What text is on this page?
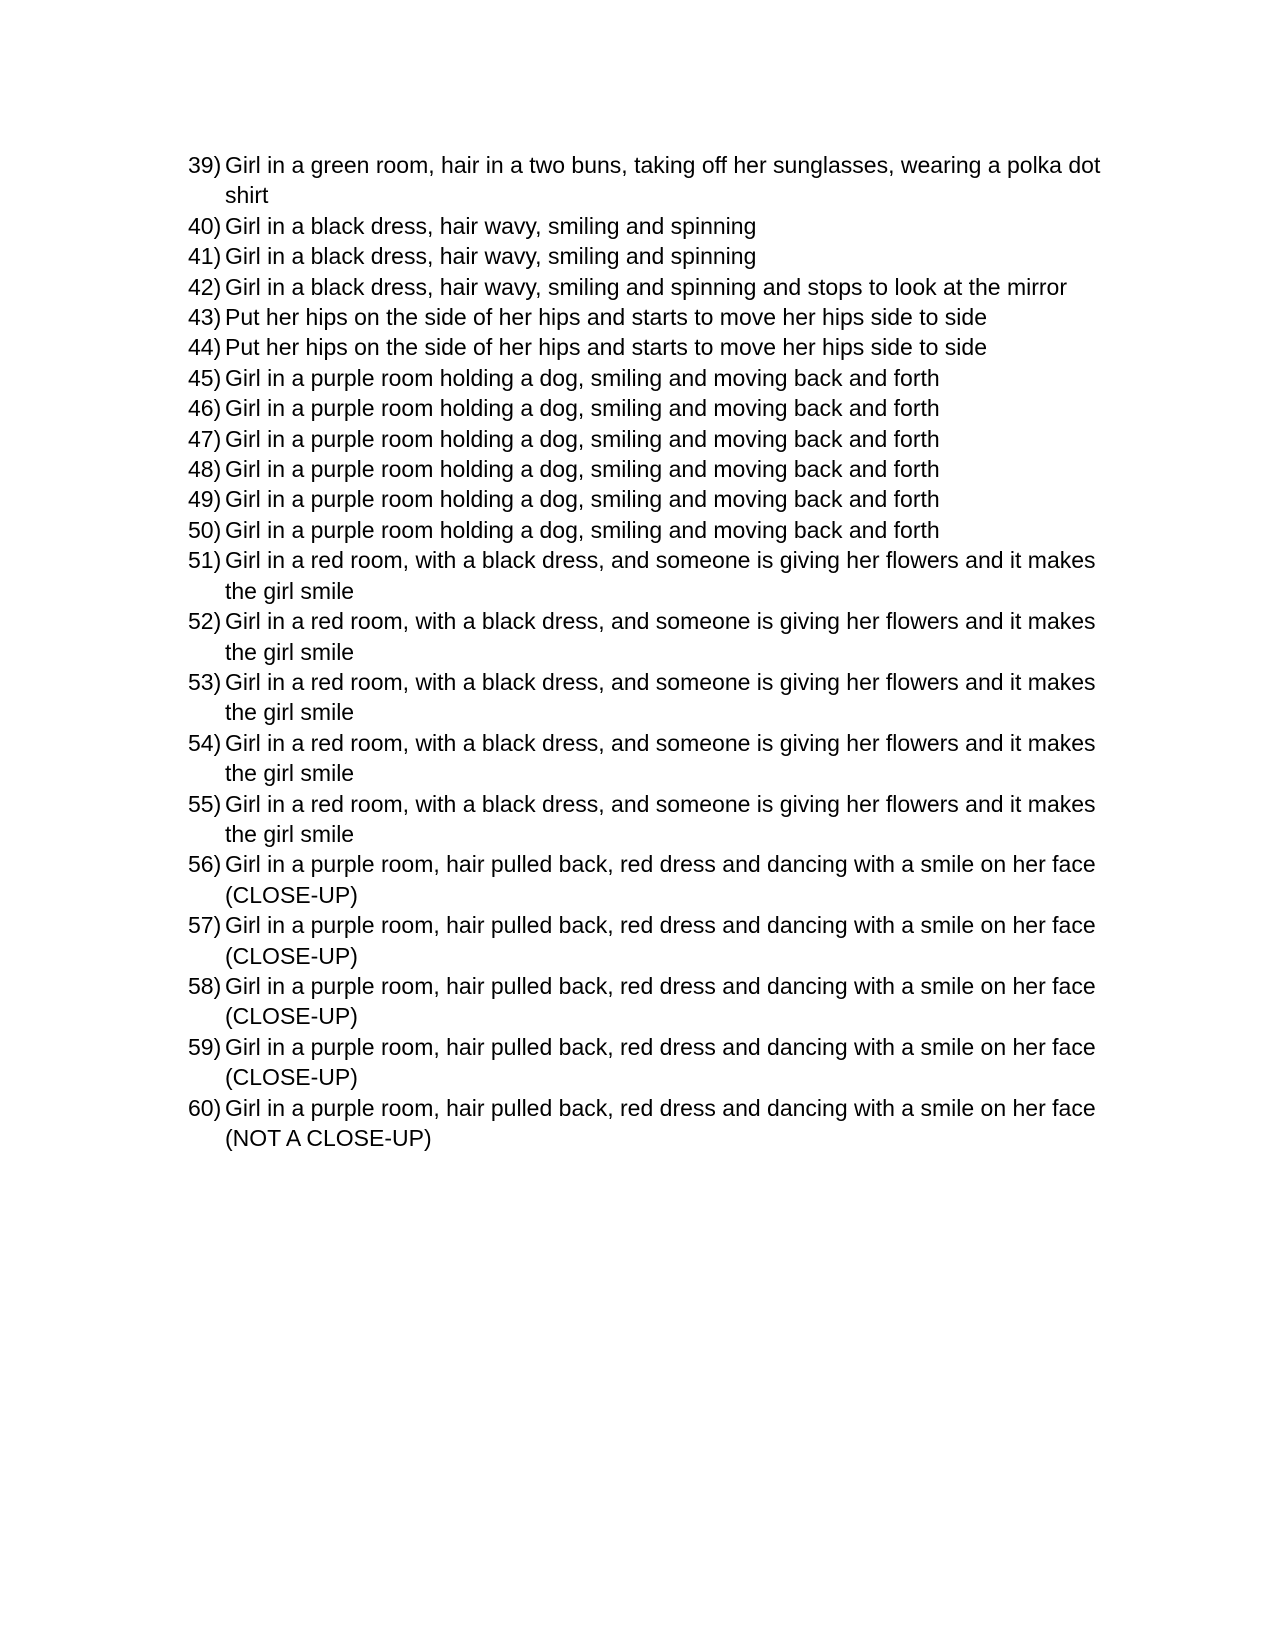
39) Girl in a green room, hair in a two buns, taking off her sunglasses, wearing a polka dot
shirt
40) Girl in a black dress, hair wavy, smiling and spinning
41) Girl in a black dress, hair wavy, smiling and spinning
42) Girl in a black dress, hair wavy, smiling and spinning and stops to look at the mirror
43) Put her hips on the side of her hips and starts to move her hips side to side
44) Put her hips on the side of her hips and starts to move her hips side to side
45) Girl in a purple room holding a dog, smiling and moving back and forth
46) Girl in a purple room holding a dog, smiling and moving back and forth
47) Girl in a purple room holding a dog, smiling and moving back and forth
48) Girl in a purple room holding a dog, smiling and moving back and forth
49) Girl in a purple room holding a dog, smiling and moving back and forth
50) Girl in a purple room holding a dog, smiling and moving back and forth
51) Girl in a red room, with a black dress, and someone is giving her flowers and it makes
the girl smile
52) Girl in a red room, with a black dress, and someone is giving her flowers and it makes
the girl smile
53) Girl in a red room, with a black dress, and someone is giving her flowers and it makes
the girl smile
54) Girl in a red room, with a black dress, and someone is giving her flowers and it makes
the girl smile
55) Girl in a red room, with a black dress, and someone is giving her flowers and it makes
the girl smile
56) Girl in a purple room, hair pulled back, red dress and dancing with a smile on her face
(CLOSE-UP)
57) Girl in a purple room, hair pulled back, red dress and dancing with a smile on her face
(CLOSE-UP)
58) Girl in a purple room, hair pulled back, red dress and dancing with a smile on her face
(CLOSE-UP)
59) Girl in a purple room, hair pulled back, red dress and dancing with a smile on her face
(CLOSE-UP)
60) Girl in a purple room, hair pulled back, red dress and dancing with a smile on her face
(NOT A CLOSE-UP)
